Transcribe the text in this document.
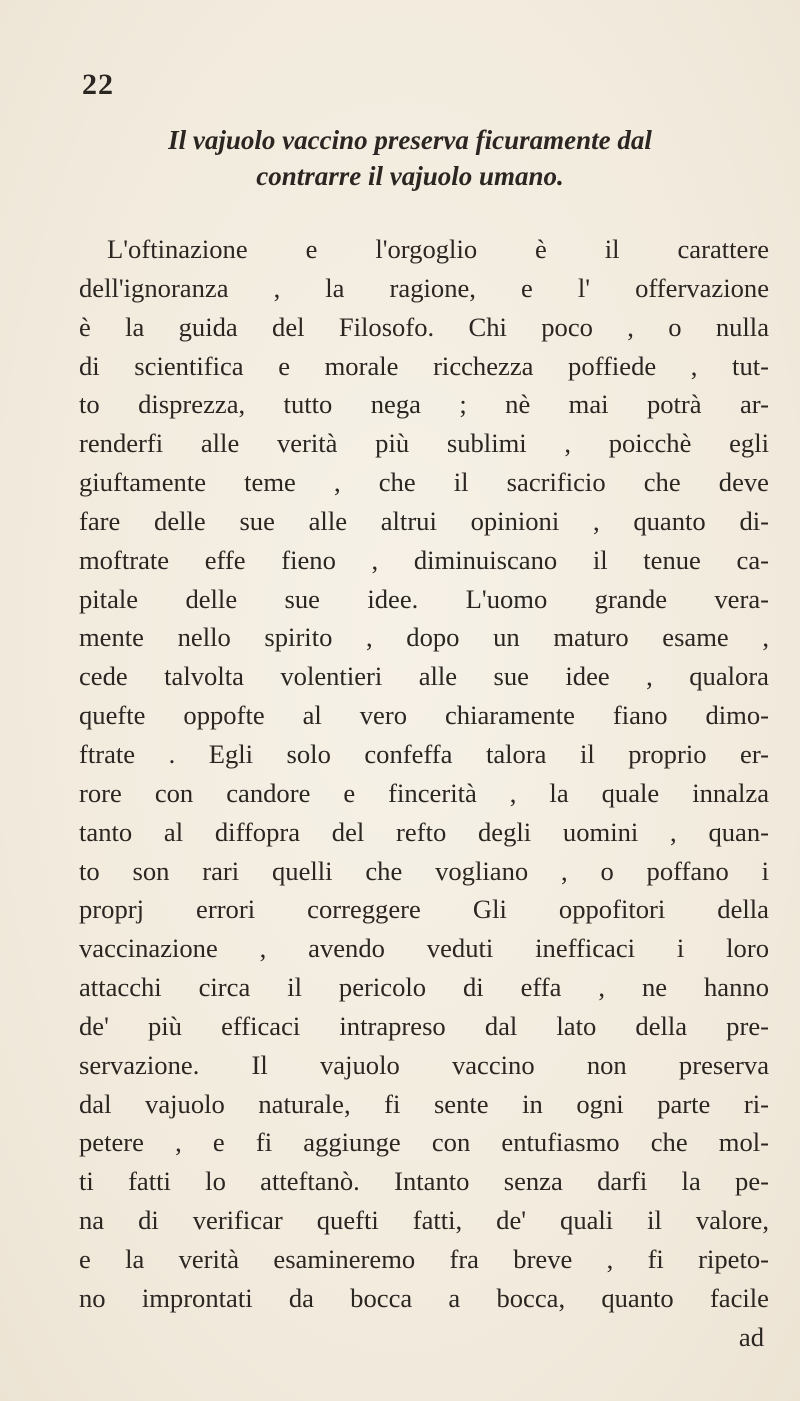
22
Il vajuolo vaccino preserva ficuramente dal
contrarre il vajuolo umano.
L'oftinazione e l'orgoglio è il carattere
dell'ignoranza , la ragione, e l' offervazione
è la guida del Filosofo. Chi poco , o nulla
di scientifica e morale ricchezza poffiede , tut-
to disprezza, tutto nega ; nè mai potrà ar-
renderfi alle verità più sublimi , poicchè egli
giuftamente teme , che il sacrificio che deve
fare delle sue alle altrui opinioni , quanto di-
moftrate effe fieno , diminuiscano il tenue ca-
pitale delle sue idee. L'uomo grande vera-
mente nello spirito , dopo un maturo esame ,
cede talvolta volentieri alle sue idee , qualora
quefte oppofte al vero chiaramente fiano dimo-
ftrate . Egli solo confeffa talora il proprio er-
rore con candore e fincerità , la quale innalza
tanto al diffopra del refto degli uomini , quan-
to son rari quelli che vogliano , o poffano i
proprj errori correggere Gli oppofitori della
vaccinazione , avendo veduti inefficaci i loro
attacchi circa il pericolo di effa , ne hanno
de' più efficaci intrapreso dal lato della pre-
servazione. Il vajuolo vaccino non preserva
dal vajuolo naturale, fi sente in ogni parte ri-
petere , e fi aggiunge con entufiasmo che mol-
ti fatti lo atteftanò. Intanto senza darfi la pe-
na di verificar quefti fatti, de' quali il valore,
e la verità esamineremo fra breve , fi ripeto-
no improntati da bocca a bocca, quanto facile
ad
